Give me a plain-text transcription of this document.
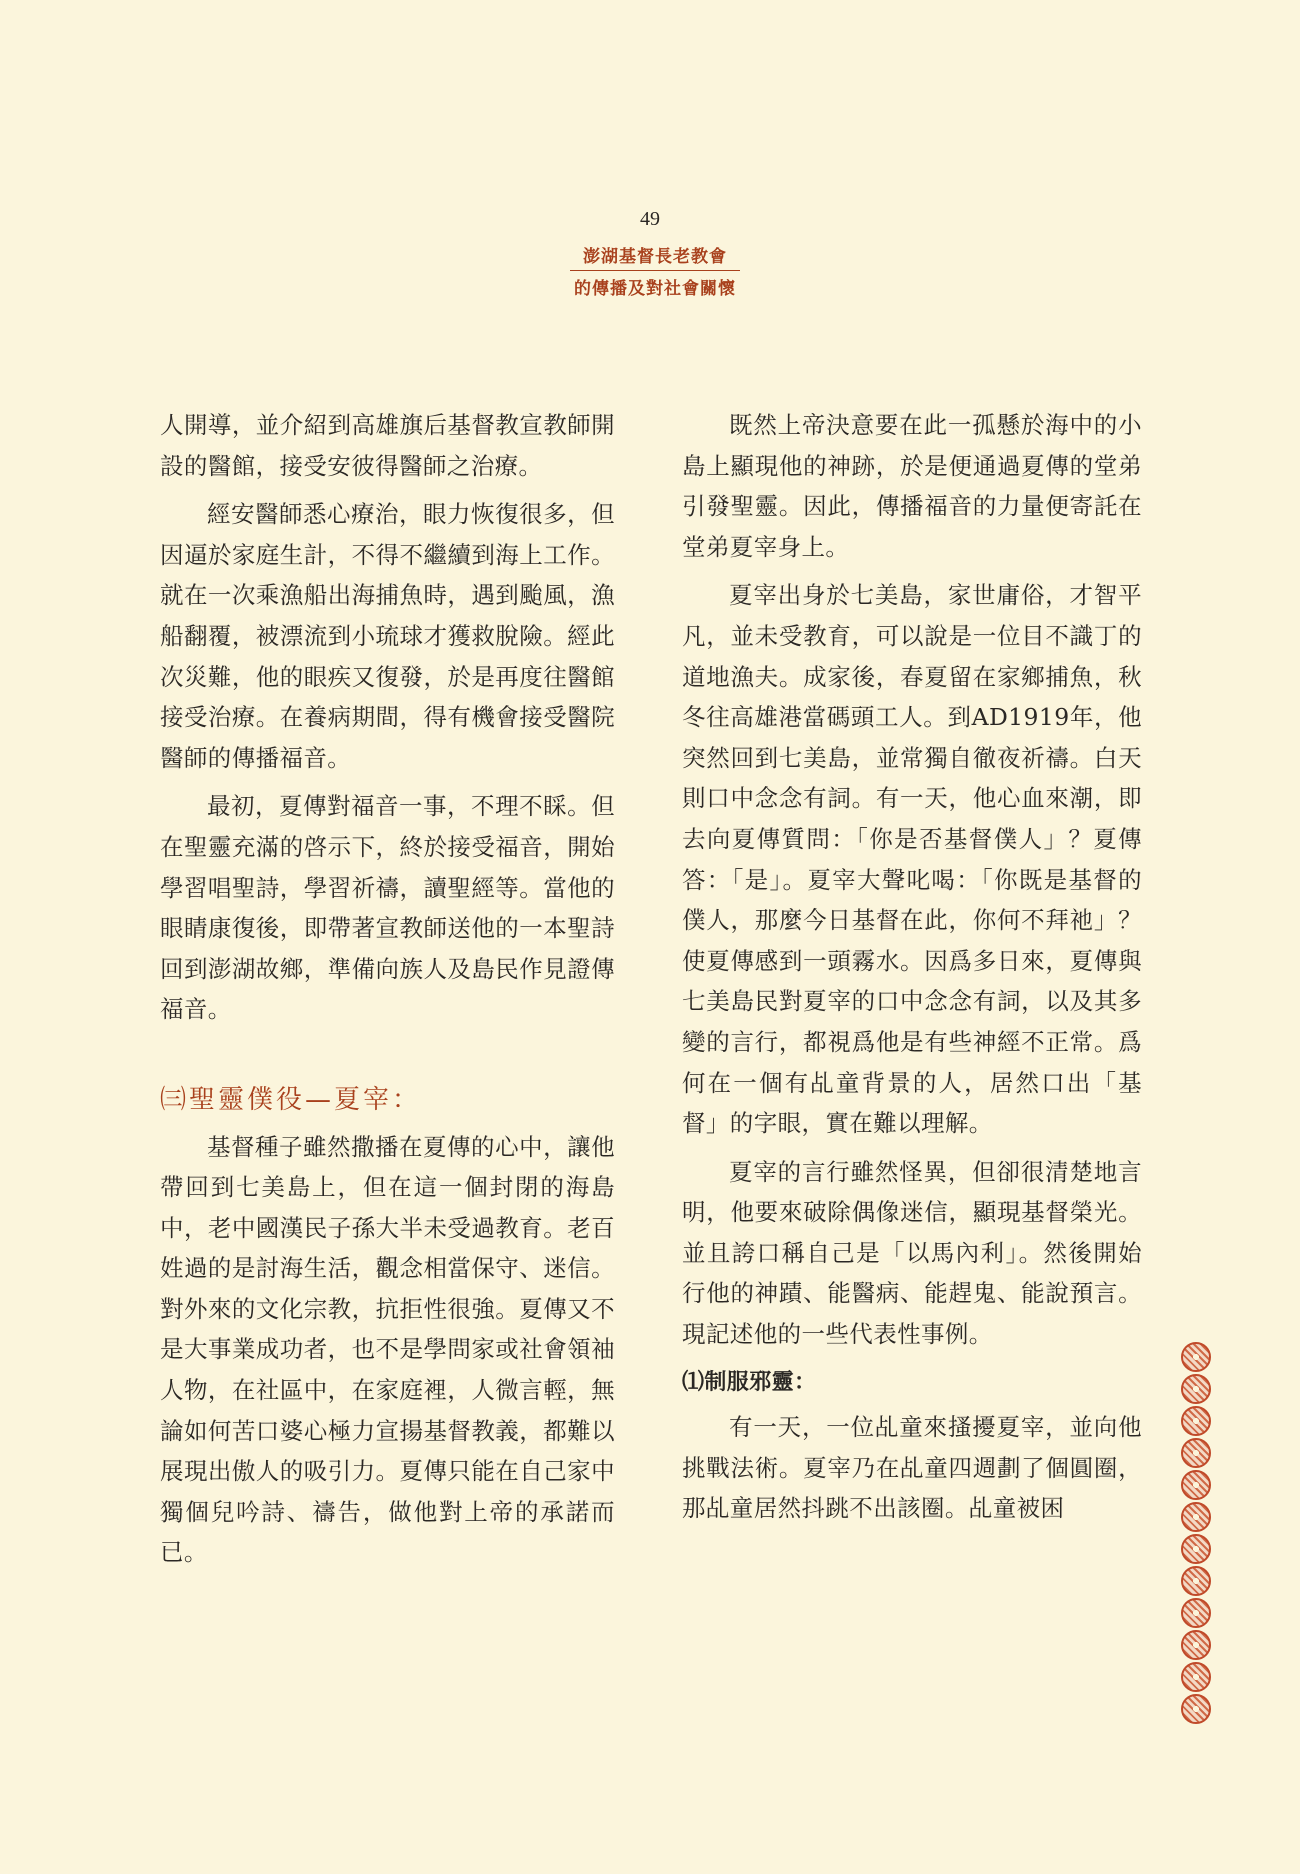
49
澎湖基督長老教會
的傳播及對社會關懷

人開導，並介紹到高雄旗后基督教宣教師開設的醫館，接受安彼得醫師之治療。

經安醫師悉心療治，眼力恢復很多，但因逼於家庭生計，不得不繼續到海上工作。就在一次乘漁船出海捕魚時，遇到颱風，漁船翻覆，被漂流到小琉球才獲救脫險。經此次災難，他的眼疾又復發，於是再度往醫館接受治療。在養病期間，得有機會接受醫院醫師的傳播福音。

最初，夏傳對福音一事，不理不睬。但在聖靈充滿的啓示下，終於接受福音，開始學習唱聖詩，學習祈禱，讀聖經等。當他的眼睛康復後，即帶著宣教師送他的一本聖詩回到澎湖故鄉，準備向族人及島民作見證傳福音。

㈢聖靈僕役—夏宰：

基督種子雖然撒播在夏傳的心中，讓他帶回到七美島上，但在這一個封閉的海島中，老中國漢民子孫大半未受過教育。老百姓過的是討海生活，觀念相當保守、迷信。對外來的文化宗教，抗拒性很強。夏傳又不是大事業成功者，也不是學問家或社會領袖人物，在社區中，在家庭裡，人微言輕，無論如何苦口婆心極力宣揚基督教義，都難以展現出傲人的吸引力。夏傳只能在自己家中獨個兒吟詩、禱告，做他對上帝的承諾而已。

既然上帝決意要在此一孤懸於海中的小島上顯現他的神跡，於是便通過夏傳的堂弟引發聖靈。因此，傳播福音的力量便寄託在堂弟夏宰身上。

夏宰出身於七美島，家世庸俗，才智平凡，並未受教育，可以說是一位目不識丁的道地漁夫。成家後，春夏留在家鄉捕魚，秋冬往高雄港當碼頭工人。到AD1919年，他突然回到七美島，並常獨自徹夜祈禱。白天則口中念念有詞。有一天，他心血來潮，即去向夏傳質問：「你是否基督僕人」？夏傳答：「是」。夏宰大聲叱喝：「你既是基督的僕人，那麼今日基督在此，你何不拜祂」？使夏傳感到一頭霧水。因爲多日來，夏傳與七美島民對夏宰的口中念念有詞，以及其多變的言行，都視爲他是有些神經不正常。爲何在一個有乩童背景的人，居然口出「基督」的字眼，實在難以理解。

夏宰的言行雖然怪異，但卻很清楚地言明，他要來破除偶像迷信，顯現基督榮光。並且誇口稱自己是「以馬內利」。然後開始行他的神蹟、能醫病、能趕鬼、能說預言。現記述他的一些代表性事例。

⑴制服邪靈：

有一天，一位乩童來搔擾夏宰，並向他挑戰法術。夏宰乃在乩童四週劃了個圓圈，那乩童居然抖跳不出該圈。乩童被困
